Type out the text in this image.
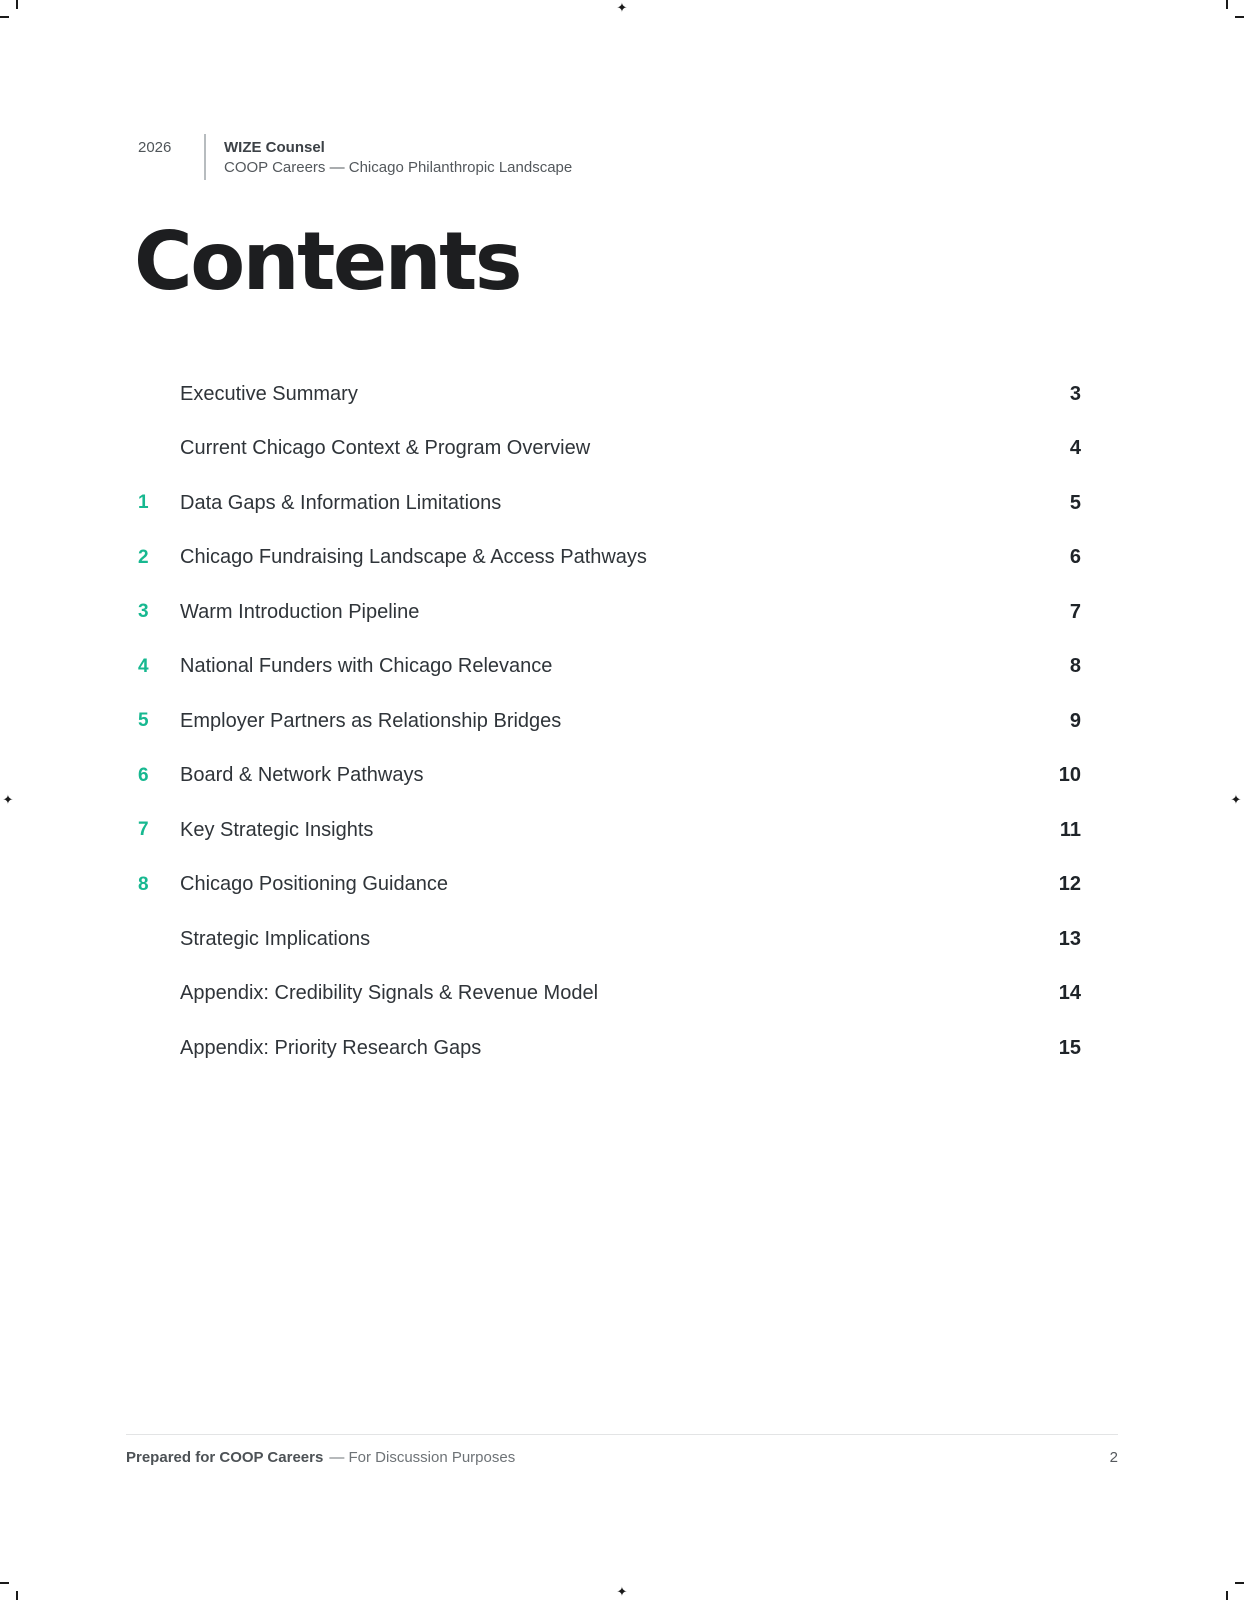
✦
✦	✦
✦
2026	WIZE Counsel
COOP Careers — Chicago Philanthropic Landscape
Contents
Executive Summary	3
Current Chicago Context & Program Overview	4
1	Data Gaps & Information Limitations	5
2	Chicago Fundraising Landscape & Access Pathways	6
3	Warm Introduction Pipeline	7
4	National Funders with Chicago Relevance	8
5	Employer Partners as Relationship Bridges	9
6	Board & Network Pathways	10
7	Key Strategic Insights	11
8	Chicago Positioning Guidance	12
Strategic Implications	13
Appendix: Credibility Signals & Revenue Model	14
Appendix: Priority Research Gaps	15
Prepared for COOP Careers — For Discussion Purposes	2
